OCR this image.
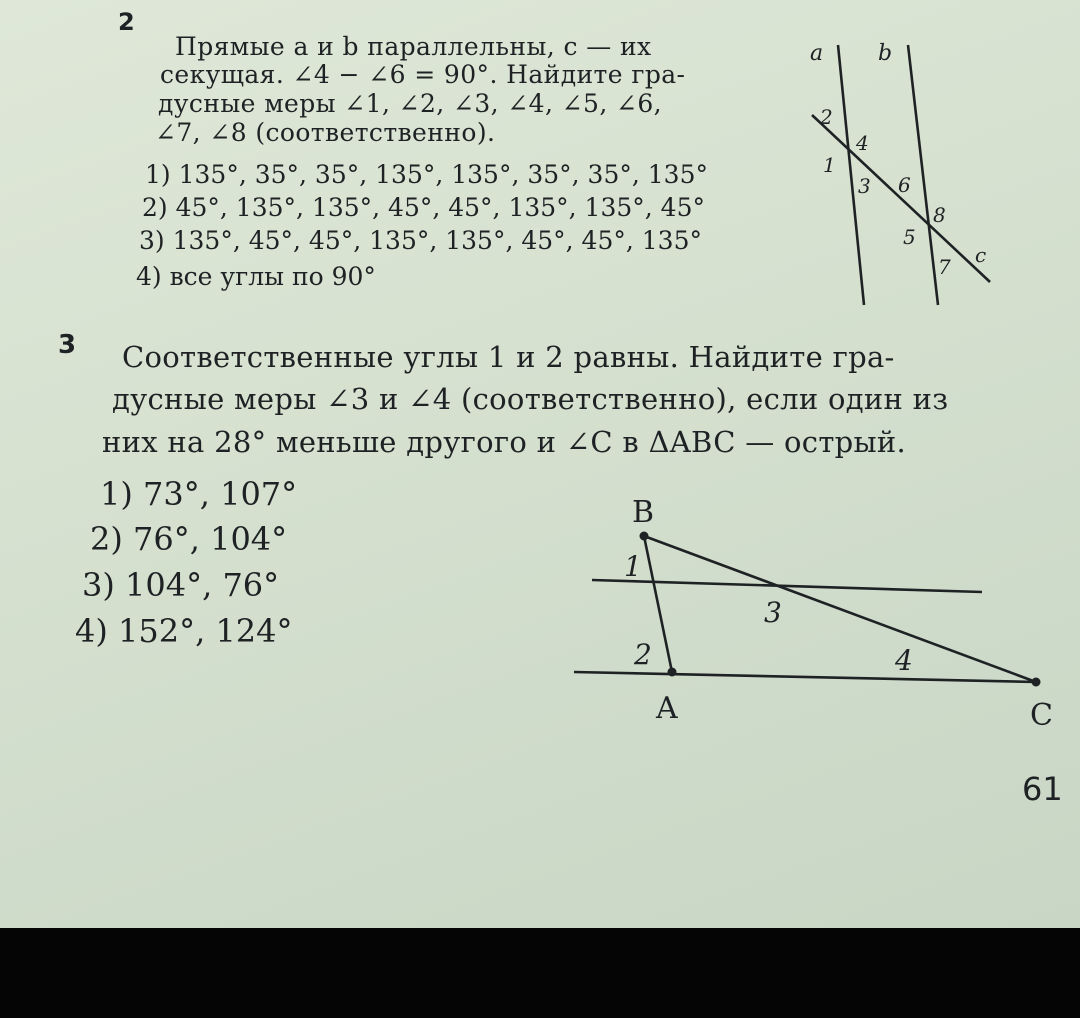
2
Прямые a и b параллельны, c — их
секущая. ∠4 − ∠6 = 90°. Найдите гра-
дусные меры ∠1, ∠2, ∠3, ∠4, ∠5, ∠6,
∠7, ∠8 (соответственно).
1) 135°, 35°, 35°, 135°, 135°, 35°, 35°, 135°
2) 45°, 135°, 135°, 45°, 45°, 135°, 135°, 45°
3) 135°, 45°, 45°, 135°, 135°, 45°, 45°, 135°
4) все углы по 90°
3 Соответственные углы 1 и 2 равны. Найдите гра-
дусные меры ∠3 и ∠4 (соответственно), если один из
них на 28° меньше другого и ∠C в ΔABC — острый.
1) 73°, 107°
2) 76°, 104°
3) 104°, 76°
4) 152°, 124°
61
a b
c
1
2
3
4
5
6
7
8
B
A	C
1
2
3
4
